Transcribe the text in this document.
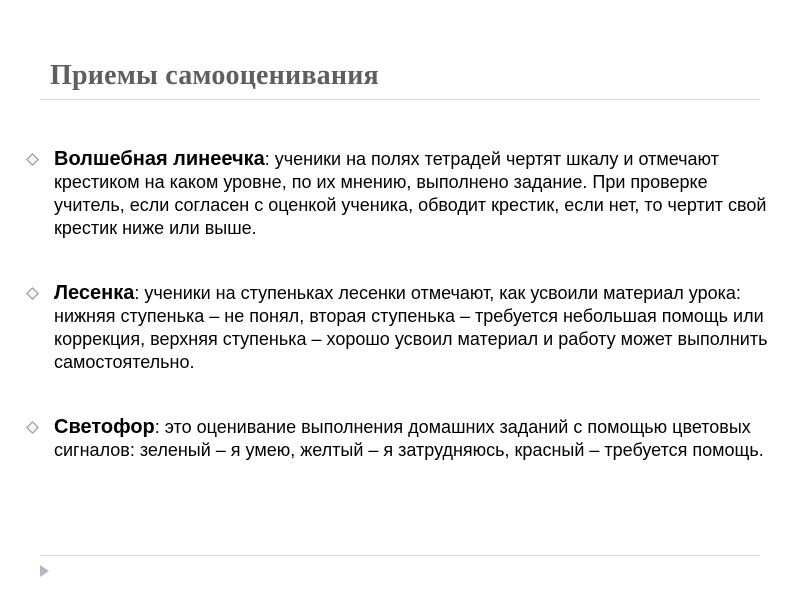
Приемы самооценивания
Волшебная линеечка: ученики на полях тетрадей чертят шкалу и отмечают крестиком на каком уровне, по их мнению, выполнено задание. При проверке учитель, если согласен с оценкой ученика, обводит крестик, если нет, то чертит свой крестик ниже или выше.
Лесенка: ученики на ступеньках лесенки отмечают, как усвоили материал урока: нижняя ступенька – не понял, вторая ступенька – требуется небольшая помощь или коррекция, верхняя ступенька – хорошо усвоил материал и работу может выполнить самостоятельно.
Светофор: это оценивание выполнения домашних заданий с помощью цветовых сигналов: зеленый – я умею, желтый – я затрудняюсь, красный – требуется помощь.
